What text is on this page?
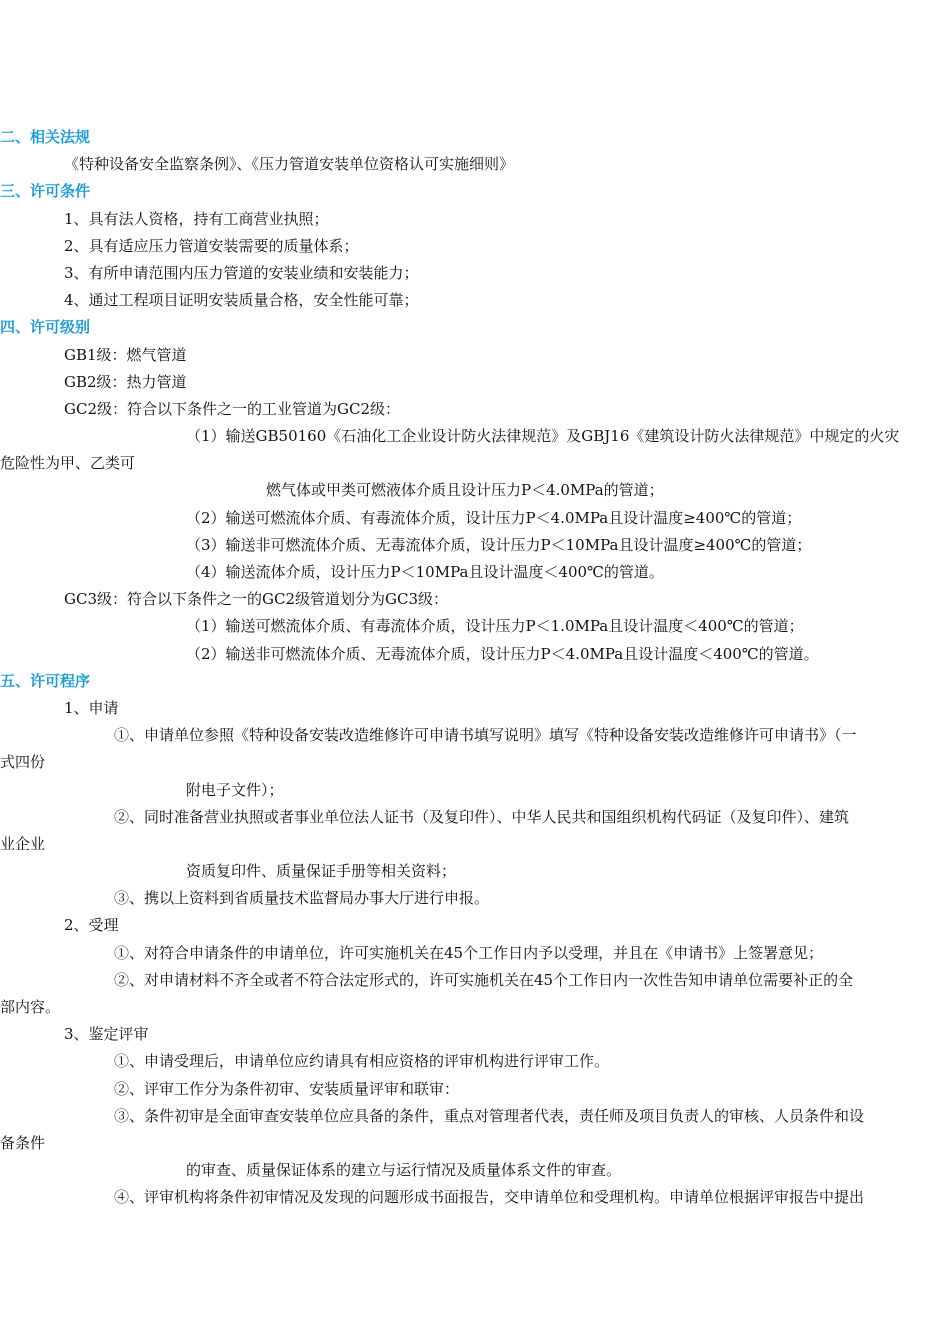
二、相关法规
《特种设备安全监察条例》、《压力管道安装单位资格认可实施细则》
三、许可条件
1、具有法人资格，持有工商营业执照；
2、具有适应压力管道安装需要的质量体系；
3、有所申请范围内压力管道的安装业绩和安装能力；
4、通过工程项目证明安装质量合格，安全性能可靠；
四、许可级别
GB1级：燃气管道
GB2级：热力管道
GC2级：符合以下条件之一的工业管道为GC2级：
（1）输送GB50160《石油化工企业设计防火法律规范》及GBJ16《建筑设计防火法律规范》中规定的火灾
危险性为甲、乙类可
燃气体或甲类可燃液体介质且设计压力P＜4.0MPa的管道；
（2）输送可燃流体介质、有毒流体介质，设计压力P＜4.0MPa且设计温度≥400℃的管道；
（3）输送非可燃流体介质、无毒流体介质，设计压力P＜10MPa且设计温度≥400℃的管道；
（4）输送流体介质，设计压力P＜10MPa且设计温度＜400℃的管道。
GC3级：符合以下条件之一的GC2级管道划分为GC3级：
（1）输送可燃流体介质、有毒流体介质，设计压力P＜1.0MPa且设计温度＜400℃的管道；
（2）输送非可燃流体介质、无毒流体介质，设计压力P＜4.0MPa且设计温度＜400℃的管道。
五、许可程序
1、申请
①、申请单位参照《特种设备安装改造维修许可申请书填写说明》填写《特种设备安装改造维修许可申请书》（一
式四份
附电子文件）；
②、同时准备营业执照或者事业单位法人证书（及复印件）、中华人民共和国组织机构代码证（及复印件）、建筑
业企业
资质复印件、质量保证手册等相关资料；
③、携以上资料到省质量技术监督局办事大厅进行申报。
2、受理
①、对符合申请条件的申请单位，许可实施机关在45个工作日内予以受理，并且在《申请书》上签署意见；
②、对申请材料不齐全或者不符合法定形式的，许可实施机关在45个工作日内一次性告知申请单位需要补正的全
部内容。
3、鉴定评审
①、申请受理后，申请单位应约请具有相应资格的评审机构进行评审工作。
②、评审工作分为条件初审、安装质量评审和联审：
③、条件初审是全面审查安装单位应具备的条件，重点对管理者代表，责任师及项目负责人的审核、人员条件和设
备条件
的审查、质量保证体系的建立与运行情况及质量体系文件的审查。
④、评审机构将条件初审情况及发现的问题形成书面报告，交申请单位和受理机构。申请单位根据评审报告中提出
